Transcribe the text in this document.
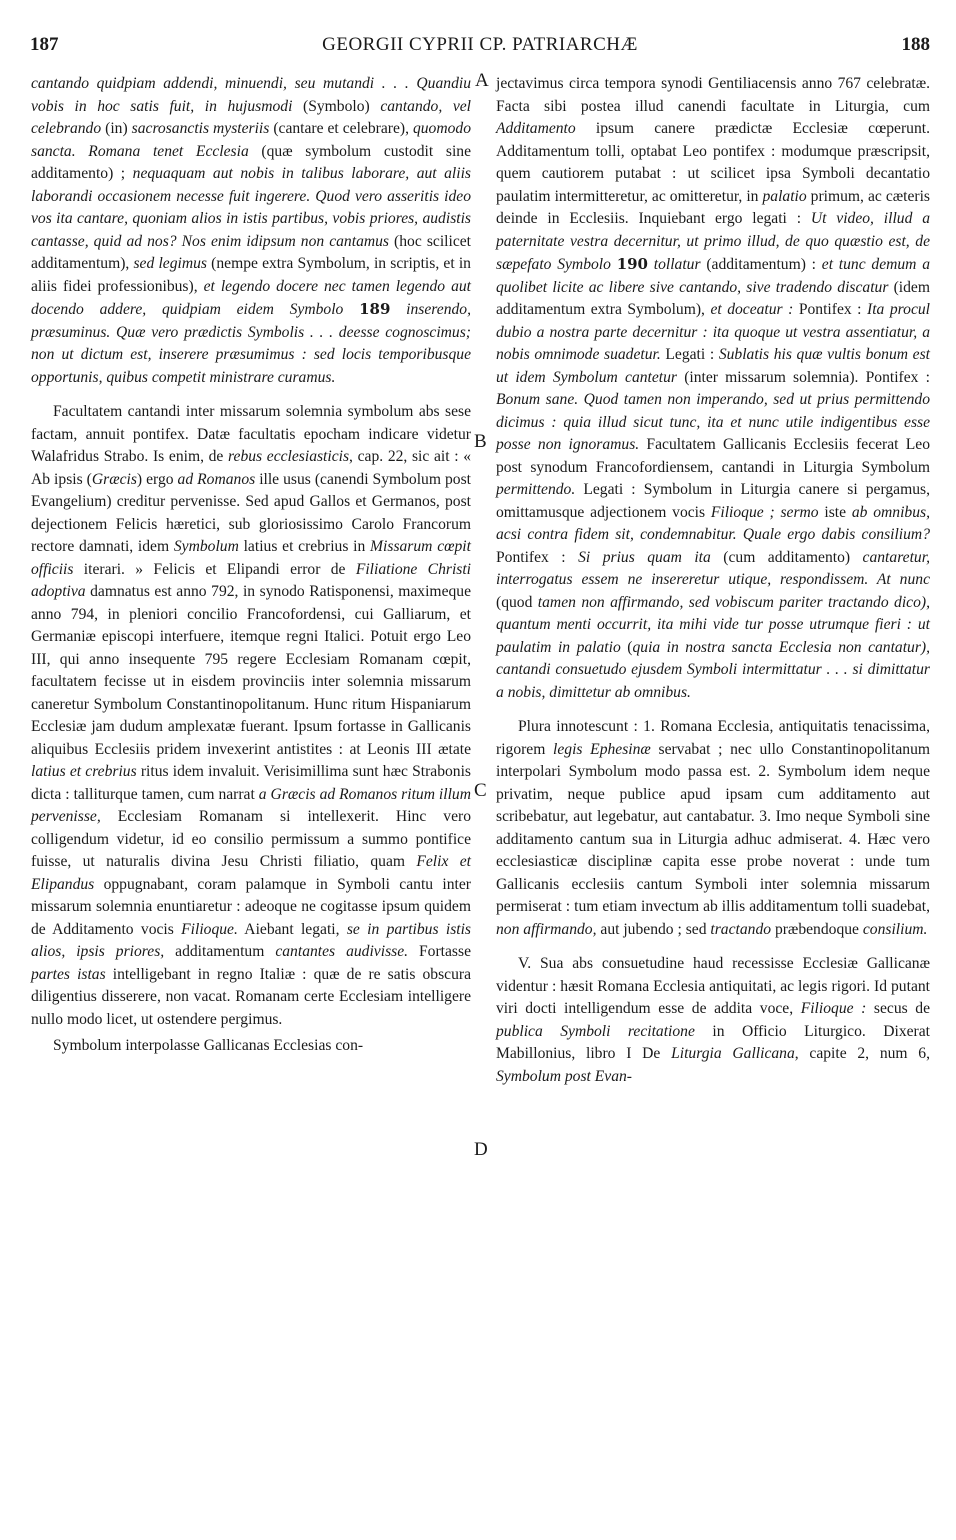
187	GEORGII CYPRII CP. PATRIARCHÆ	188
A
B
C
D

cantando quidpiam addendi, minuendi, seu mutandi . . . Quandiu vobis in hoc satis fuit, in hujusmodi (Symbolo) cantando, vel celebrando (in) sacrosanctis mysteriis (cantare et celebrare), quomodo sancta. Romana tenet Ecclesia (quæ symbolum custodit sine additamento) ; nequaquam aut nobis in talibus laborare, aut aliis laborandi occasionem necesse fuit ingerere. Quod vero asseritis ideo vos ita cantare, quoniam alios in istis partibus, vobis priores, audistis cantasse, quid ad nos? Nos enim idipsum non cantamus (hoc scilicet additamentum), sed legimus (nempe extra Symbolum, in scriptis, et in aliis fidei professionibus), et legendo docere nec tamen legendo aut docendo addere, quidpiam eidem Symbolo 189 inserendo, præsuminus. Quæ vero prædictis Symbolis . . . deesse cognoscimus; non ut dictum est, inserere præsumimus : sed locis temporibusque opportunis, quibus competit ministrare curamus.

Facultatem cantandi inter missarum solemnia symbolum abs sese factam, annuit pontifex. Datæ facultatis epocham indicare videtur Walafridus Strabo. Is enim, de rebus ecclesiasticis, cap. 22, sic ait : « Ab ipsis (Græcis) ergo ad Romanos ille usus (canendi Symbolum post Evangelium) creditur pervenisse. Sed apud Gallos et Germanos, post dejectionem Felicis hæretici, sub gloriosissimo Carolo Francorum rectore damnati, idem Symbolum latius et crebrius in Missarum cœpit officiis iterari. » Felicis et Elipandi error de Filiatione Christi adoptiva damnatus est anno 792, in synodo Ratisponensi, maximeque anno 794, in pleniori concilio Francofordensi, cui Galliarum, et Germaniæ episcopi interfuere, itemque regni Italici. Potuit ergo Leo III, qui anno insequente 795 regere Ecclesiam Romanam cœpit, facultatem fecisse ut in eisdem provinciis inter solemnia missarum caneretur Symbolum Constantinopolitanum. Hunc ritum Hispaniarum Ecclesiæ jam dudum amplexatæ fuerant. Ipsum fortasse in Gallicanis aliquibus Ecclesiis pridem invexerint antistites : at Leonis III ætate latius et crebrius ritus idem invaluit. Verisimillima sunt hæc Strabonis dicta : talliturque tamen, cum narrat a Græcis ad Romanos ritum illum pervenisse, Ecclesiam Romanam si intellexerit. Hinc vero colligendum videtur, id eo consilio permissum a summo pontifice fuisse, ut naturalis divina Jesu Christi filiatio, quam Felix et Elipandus oppugnabant, coram palamque in Symboli cantu inter missarum solemnia enuntiaretur : adeoque ne cogitasse ipsum quidem de Additamento vocis Filioque. Aiebant legati, se in partibus istis alios, ipsis priores, additamentum cantantes audivisse. Fortasse partes istas intelligebant in regno Italiæ : quæ de re satis obscura diligentius disserere, non vacat. Romanam certe Ecclesiam intelligere nullo modo licet, ut ostendere pergimus.

Symbolum interpolasse Gallicanas Ecclesias con-

jectavimus circa tempora synodi Gentiliacensis anno 767 celebratæ. Facta sibi postea illud canendi facultate in Liturgia, cum Additamento ipsum canere prædictæ Ecclesiæ cœperunt. Additamentum tolli, optabat Leo pontifex : modumque præscripsit, quem cautiorem putabat : ut scilicet ipsa Symboli decantatio paulatim intermitteretur, ac omitteretur, in palatio primum, ac cæteris deinde in Ecclesiis. Inquiebant ergo legati : Ut video, illud a paternitate vestra decernitur, ut primo illud, de quo quæstio est, de sæpefato Symbolo 190 tollatur (additamentum) : et tunc demum a quolibet licite ac libere sive cantando, sive tradendo discatur (idem additamentum extra Symbolum), et doceatur : Pontifex : Ita procul dubio a nostra parte decernitur : ita quoque ut vestra assentiatur, a nobis omnimode suadetur. Legati : Sublatis his quæ vultis bonum est ut idem Symbolum cantetur (inter missarum solemnia). Pontifex : Bonum sane. Quod tamen non imperando, sed ut prius permittendo dicimus : quia illud sicut tunc, ita et nunc utile indigentibus esse posse non ignoramus. Facultatem Gallicanis Ecclesiis fecerat Leo post synodum Francofordiensem, cantandi in Liturgia Symbolum permittendo. Legati : Symbolum in Liturgia canere si pergamus, omittamusque adjectionem vocis Filioque ; sermo iste ab omnibus, acsi contra fidem sit, condemnabitur. Quale ergo dabis consilium? Pontifex : Si prius quam ita (cum additamento) cantaretur, interrogatus essem ne insereretur utique, respondissem. At nunc (quod tamen non affirmando, sed vobiscum pariter tractando dico), quantum menti occurrit, ita mihi vide tur posse utrumque fieri : ut paulatim in palatio (quia in nostra sancta Ecclesia non cantatur), cantandi consuetudo ejusdem Symboli intermittatur . . . si dimittatur a nobis, dimittetur ab omnibus.

Plura innotescunt : 1. Romana Ecclesia, antiquitatis tenacissima, rigorem legis Ephesinæ servabat ; nec ullo Constantinopolitanum interpolari Symbolum modo passa est. 2. Symbolum idem neque privatim, neque publice apud ipsam cum additamento aut scribebatur, aut legebatur, aut cantabatur. 3. Imo neque Symboli sine additamento cantum sua in Liturgia adhuc admiserat. 4. Hæc vero ecclesiasticæ disciplinæ capita esse probe noverat : unde tum Gallicanis ecclesiis cantum Symboli inter solemnia missarum permiserat : tum etiam invectum ab illis additamentum tolli suadebat, non affirmando, aut jubendo ; sed tractando præbendoque consilium.

V. Sua abs consuetudine haud recessisse Ecclesiæ Gallicanæ videntur : hæsit Romana Ecclesia antiquitati, ac legis rigori. Id putant viri docti intelligendum esse de addita voce, Filioque : secus de publica Symboli recitatione in Officio Liturgico. Dixerat Mabillonius, libro I De Liturgia Gallicana, capite 2, num 6, Symbolum post Evan-
